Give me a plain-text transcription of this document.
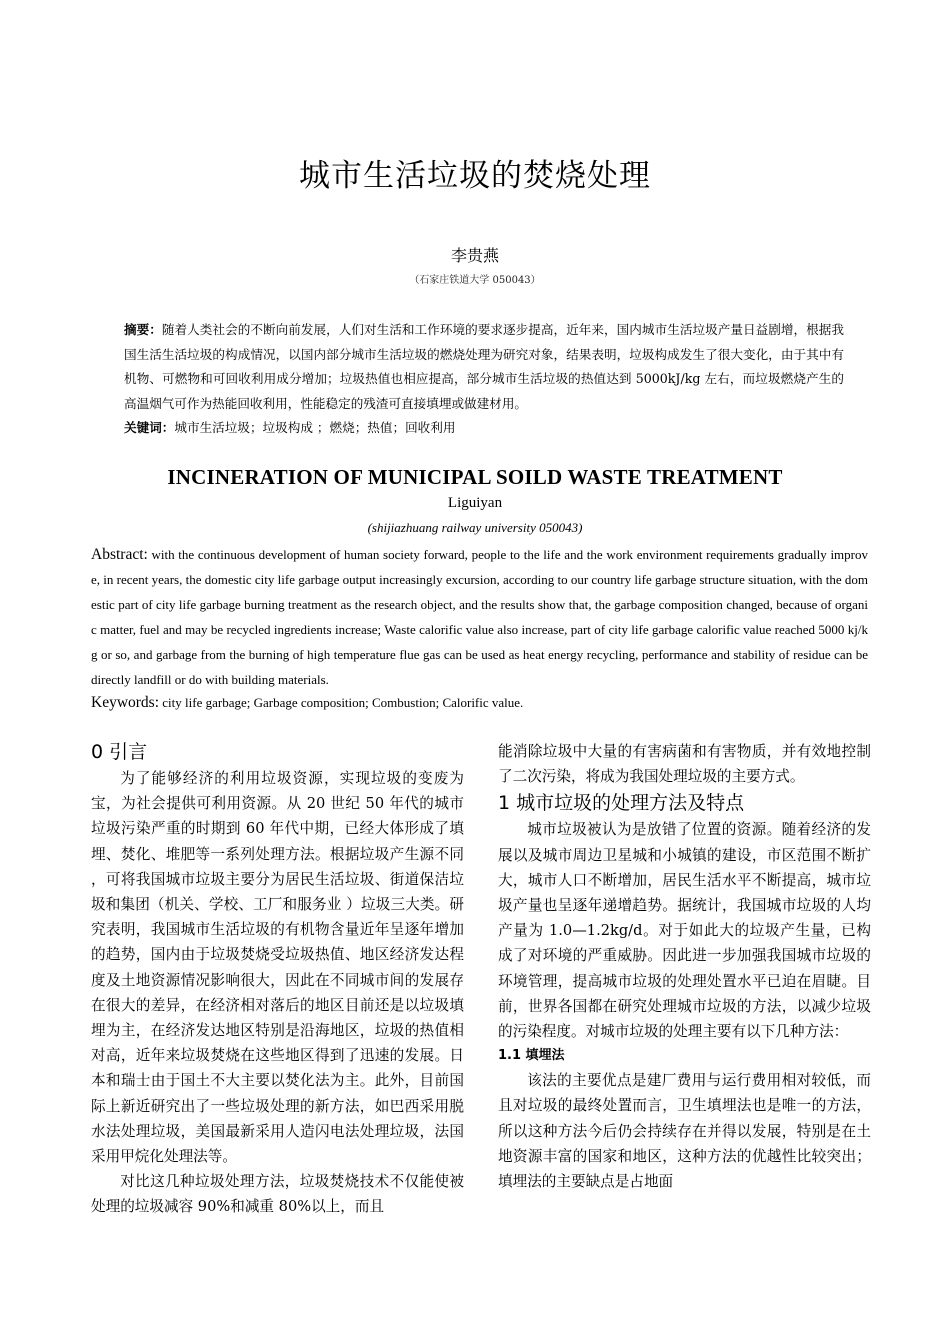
城市生活垃圾的焚烧处理
李贵燕
（石家庄铁道大学 050043）
摘要：随着人类社会的不断向前发展，人们对生活和工作环境的要求逐步提高，近年来，国内城市生活垃圾产量日益剧增，根据我国生活生活垃圾的构成情况，以国内部分城市生活垃圾的燃烧处理为研究对象，结果表明，垃圾构成发生了很大变化，由于其中有机物、可燃物和可回收利用成分增加；垃圾热值也相应提高，部分城市生活垃圾的热值达到 5000kJ/kg 左右，而垃圾燃烧产生的高温烟气可作为热能回收利用，性能稳定的残渣可直接填埋或做建材用。
关键词：城市生活垃圾；垃圾构成 ；燃烧；热值；回收利用
INCINERATION OF MUNICIPAL SOILD WASTE TREATMENT
Liguiyan
(shijiazhuang railway university 050043)
Abstract: with the continuous development of human society forward, people to the life and the work environment requirements gradually improve, in recent years, the domestic city life garbage output increasingly excursion, according to our country life garbage structure situation, with the domestic part of city life garbage burning treatment as the research object, and the results show that, the garbage composition changed, because of organic matter, fuel and may be recycled ingredients increase; Waste calorific value also increase, part of city life garbage calorific value reached 5000 kj/kg or so, and garbage from the burning of high temperature flue gas can be used as heat energy recycling, performance and stability of residue can be directly landfill or do with building materials.
Keywords: city life garbage; Garbage composition; Combustion; Calorific value.
0 引言

为了能够经济的利用垃圾资源，实现垃圾的变废为宝，为社会提供可利用资源。从 20 世纪 50 年代的城市垃圾污染严重的时期到 60 年代中期，已经大体形成了填埋、焚化、堆肥等一系列处理方法。根据垃圾产生源不同 ，可将我国城市垃圾主要分为居民生活垃圾、街道保洁垃圾和集团（机关、学校、工厂和服务业 ）垃圾三大类。研究表明，我国城市生活垃圾的有机物含量近年呈逐年增加的趋势，国内由于垃圾焚烧受垃圾热值、地区经济发达程度及土地资源情况影响很大，因此在不同城市间的发展存在很大的差异，在经济相对落后的地区目前还是以垃圾填埋为主，在经济发达地区特别是沿海地区，垃圾的热值相对高，近年来垃圾焚烧在这些地区得到了迅速的发展。日本和瑞士由于国土不大主要以焚化法为主。此外，目前国际上新近研究出了一些垃圾处理的新方法，如巴西采用脱水法处理垃圾，美国最新采用人造闪电法处理垃圾，法国采用甲烷化处理法等。

对比这几种垃圾处理方法，垃圾焚烧技术不仅能使被处理的垃圾减容 90%和减重 80%以上，而且

能消除垃圾中大量的有害病菌和有害物质，并有效地控制了二次污染，将成为我国处理垃圾的主要方式。

1 城市垃圾的处理方法及特点

城市垃圾被认为是放错了位置的资源。随着经济的发展以及城市周边卫星城和小城镇的建设，市区范围不断扩大，城市人口不断增加，居民生活水平不断提高，城市垃圾产量也呈逐年递增趋势。据统计，我国城市垃圾的人均产量为 1.0—1.2kg/d。对于如此大的垃圾产生量，已构成了对环境的严重威胁。因此进一步加强我国城市垃圾的环境管理，提高城市垃圾的处理处置水平已迫在眉睫。目前，世界各国都在研究处理城市垃圾的方法，以减少垃圾的污染程度。对城市垃圾的处理主要有以下几种方法：

1.1 填埋法

该法的主要优点是建厂费用与运行费用相对较低，而且对垃圾的最终处置而言，卫生填埋法也是唯一的方法，所以这种方法今后仍会持续存在并得以发展，特别是在土地资源丰富的国家和地区，这种方法的优越性比较突出；填埋法的主要缺点是占地面
